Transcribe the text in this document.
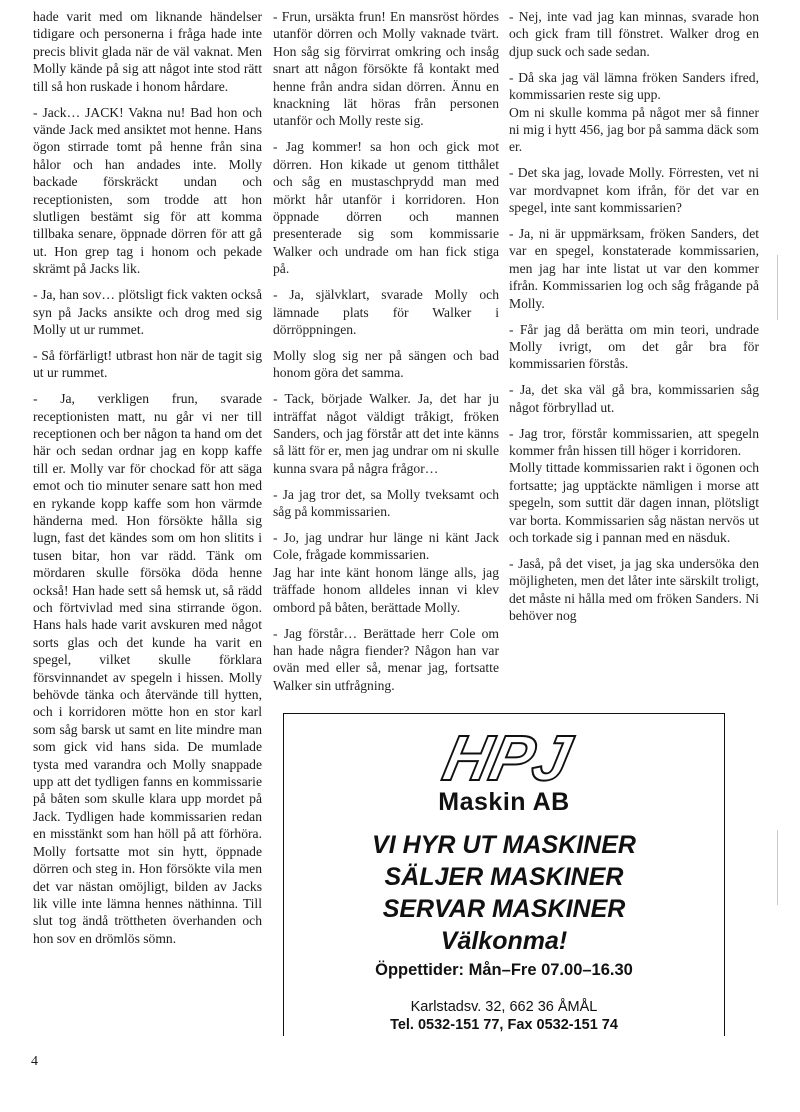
hade varit med om liknande händelser tidigare och personerna i fråga hade inte precis blivit glada när de väl vaknat. Men Molly kände på sig att något inte stod rätt till så hon ruskade i honom hårdare.

- Jack… JACK! Vakna nu! Bad hon och vände Jack med ansiktet mot henne. Hans ögon stirrade tomt på henne från sina hålor och han andades inte. Molly backade förskräckt undan och receptionisten, som trodde att hon slutligen bestämt sig för att komma tillbaka senare, öppnade dörren för att gå ut. Hon grep tag i honom och pekade skrämt på Jacks lik.

- Ja, han sov… plötsligt fick vakten också syn på Jacks ansikte och drog med sig Molly ut ur rummet.

- Så förfärligt! utbrast hon när de tagit sig ut ur rummet.

- Ja, verkligen frun, svarade receptionisten matt, nu går vi ner till receptionen och ber någon ta hand om det här och sedan ordnar jag en kopp kaffe till er. Molly var för chockad för att säga emot och tio minuter senare satt hon med en rykande kopp kaffe som hon värmde händerna med. Hon försökte hålla sig lugn, fast det kändes som om hon slitits i tusen bitar, hon var rädd. Tänk om mördaren skulle försöka döda henne också! Han hade sett så hemsk ut, så rädd och förtvivlad med sina stirrande ögon. Hans hals hade varit avskuren med något sorts glas och det kunde ha varit en spegel, vilket skulle förklara försvinnandet av spegeln i hissen. Molly behövde tänka och återvände till hytten, och i korridoren mötte hon en stor karl som såg barsk ut samt en lite mindre man som gick vid hans sida. De mumlade tysta med varandra och Molly snappade upp att det tydligen fanns en kommissarie på båten som skulle klara upp mordet på Jack. Tydligen hade kommissarien redan en misstänkt som han höll på att förhöra. Molly fortsatte mot sin hytt, öppnade dörren och steg in. Hon försökte vila men det var nästan omöjligt, bilden av Jacks lik ville inte lämna hennes näthinna. Till slut tog ändå tröttheten överhanden och hon sov en drömlös sömn.

- Frun, ursäkta frun! En mansröst hördes utanför dörren och Molly vaknade tvärt. Hon såg sig förvirrat omkring och insåg snart att någon försökte få kontakt med henne från andra sidan dörren. Ännu en knackning lät höras från personen utanför och Molly reste sig.

- Jag kommer! sa hon och gick mot dörren. Hon kikade ut genom titthålet och såg en mustaschprydd man med mörkt hår utanför i korridoren. Hon öppnade dörren och mannen presenterade sig som kommissarie Walker och undrade om han fick stiga på.

- Ja, självklart, svarade Molly och lämnade plats för Walker i dörröppningen.

Molly slog sig ner på sängen och bad honom göra det samma.

- Tack, började Walker. Ja, det har ju inträffat något väldigt tråkigt, fröken Sanders, och jag förstår att det inte känns så lätt för er, men jag undrar om ni skulle kunna svara på några frågor…

- Ja jag tror det, sa Molly tveksamt och såg på kommissarien.

- Jo, jag undrar hur länge ni känt Jack Cole, frågade kommissarien.
Jag har inte känt honom länge alls, jag träffade honom alldeles innan vi klev ombord på båten, berättade Molly.

- Jag förstår… Berättade herr Cole om han hade några fiender? Någon han var ovän med eller så, menar jag, fortsatte Walker sin utfrågning.

- Nej, inte vad jag kan minnas, svarade hon och gick fram till fönstret. Walker drog en djup suck och sade sedan.

- Då ska jag väl lämna fröken Sanders ifred, kommissarien reste sig upp.
Om ni skulle komma på något mer så finner ni mig i hytt 456, jag bor på samma däck som er.

- Det ska jag, lovade Molly. Förresten, vet ni var mordvapnet kom ifrån, för det var en spegel, inte sant kommissarien?

- Ja, ni är uppmärksam, fröken Sanders, det var en spegel, konstaterade kommissarien, men jag har inte listat ut var den kommer ifrån. Kommissarien log och såg frågande på Molly.

- Får jag då berätta om min teori, undrade Molly ivrigt, om det går bra för kommissarien förstås.

- Ja, det ska väl gå bra, kommissarien såg något förbryllad ut.

- Jag tror, förstår kommissarien, att spegeln kommer från hissen till höger i korridoren.
Molly tittade kommissarien rakt i ögonen och fortsatte; jag upptäckte nämligen i morse att spegeln, som suttit där dagen innan, plötsligt var borta. Kommissarien såg nästan nervös ut och torkade sig i pannan med en näsduk.

- Jaså, på det viset, ja jag ska undersöka den möjligheten, men det låter inte särskilt troligt, det måste ni hålla med om fröken Sanders. Ni behöver nog

HPJ
Maskin AB
VI HYR UT MASKINER
SÄLJER MASKINER
SERVAR MASKINER
Välkonma!
Öppettider: Mån–Fre 07.00–16.30
Karlstadsv. 32, 662 36 ÅMÅL
Tel. 0532-151 77, Fax 0532-151 74
4
